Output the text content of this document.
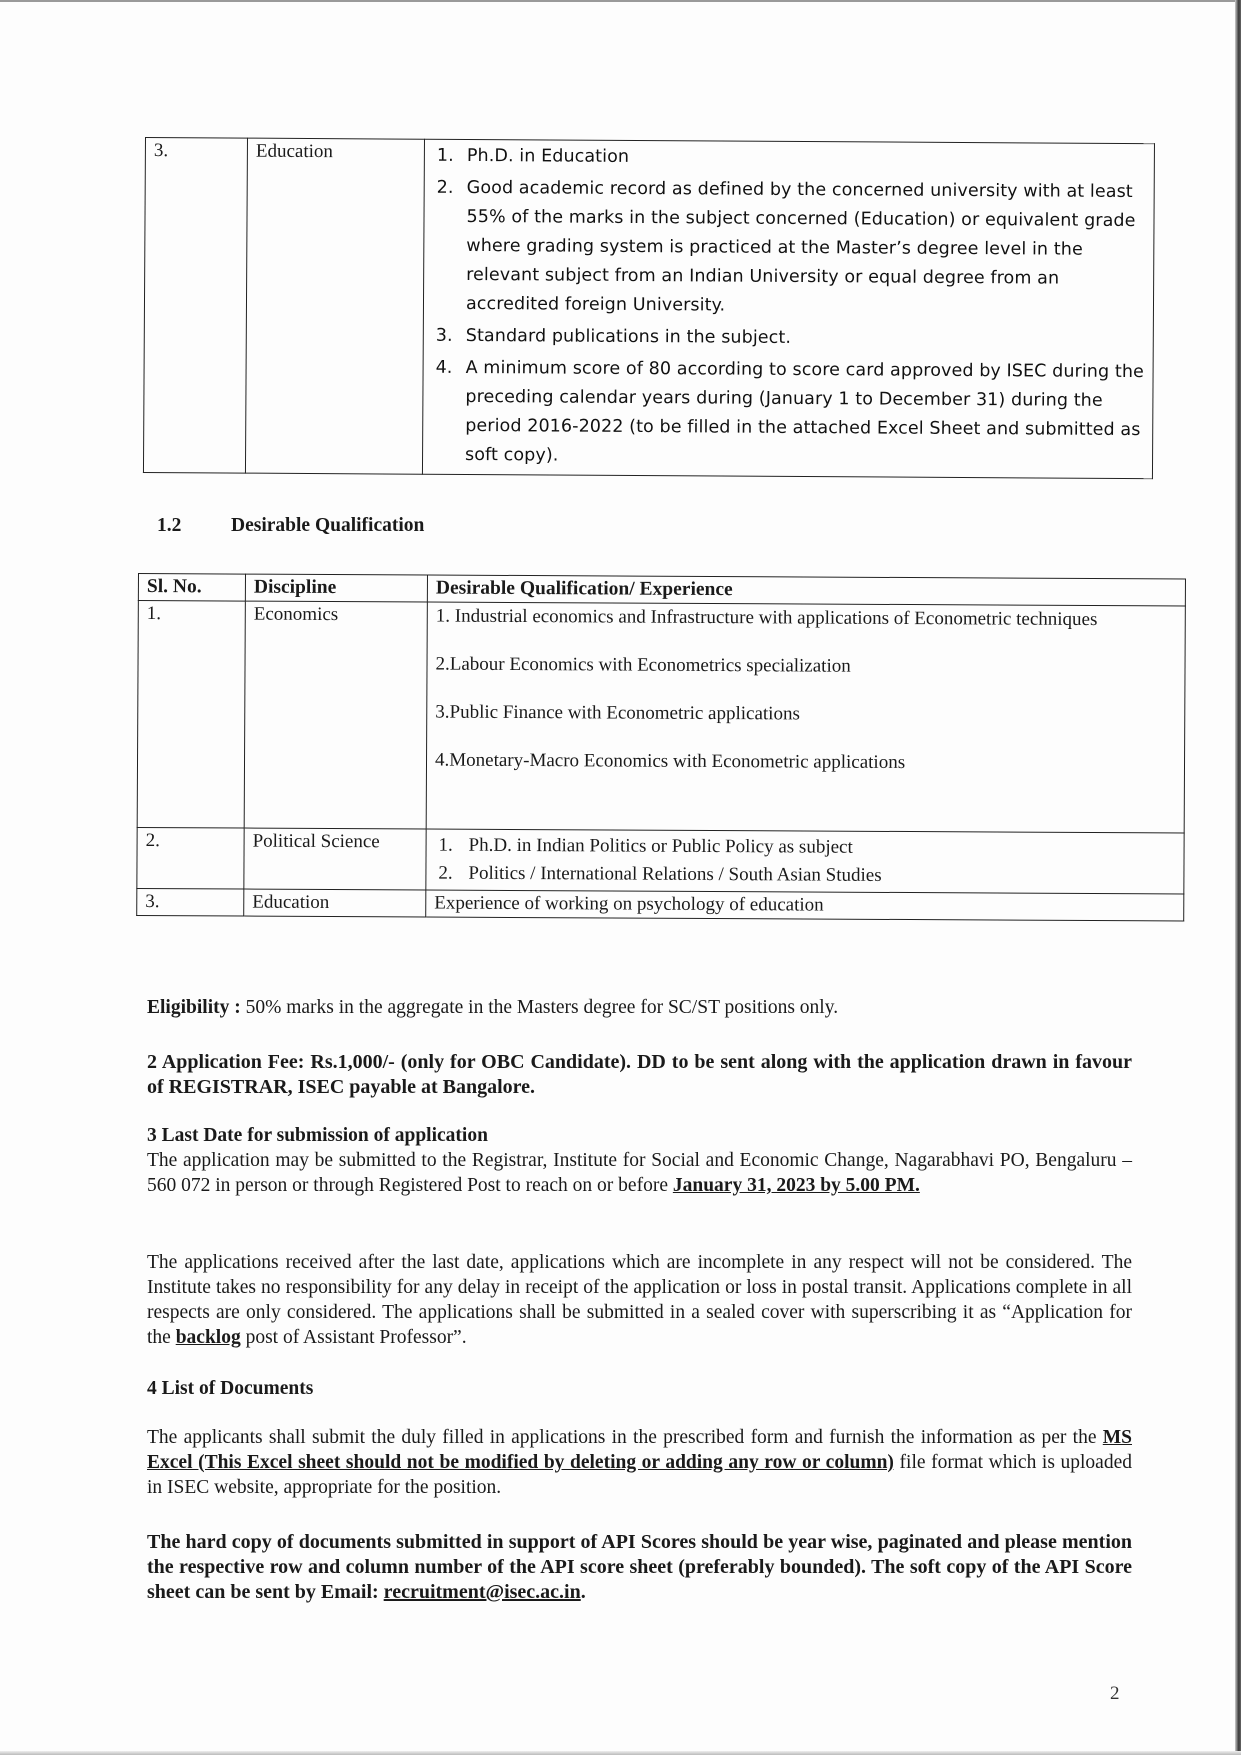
3.	Education	1. Ph.D. in Education
2. Good academic record as defined by the concerned university with at least 55% of the marks in the subject concerned (Education) or equivalent grade where grading system is practiced at the Master’s degree level in the relevant subject from an Indian University or equal degree from an accredited foreign University.
3. Standard publications in the subject.
4. A minimum score of 80 according to score card approved by ISEC during the preceding calendar years during (January 1 to December 31) during the period 2016-2022 (to be filled in the attached Excel Sheet and submitted as soft copy).
1.2	Desirable Qualification
Sl. No.	Discipline	Desirable Qualification/ Experience
1.	Economics	1. Industrial economics and Infrastructure with applications of Econometric techniques

2.Labour Economics with Econometrics specialization

3.Public Finance with Econometric applications

4.Monetary-Macro Economics with Econometric applications

2.	Political Science	1. Ph.D. in Indian Politics or Public Policy as subject
2. Politics / International Relations / South Asian Studies

3.	Education	Experience of working on psychology of education
Eligibility : 50% marks in the aggregate in the Masters degree for SC/ST positions only.
2 Application Fee: Rs.1,000/- (only for OBC Candidate). DD to be sent along with the application drawn in favour of REGISTRAR, ISEC payable at Bangalore.
3 Last Date for submission of application
The application may be submitted to the Registrar, Institute for Social and Economic Change, Nagarabhavi PO, Bengaluru – 560 072 in person or through Registered Post to reach on or before January 31, 2023 by 5.00 PM.
The applications received after the last date, applications which are incomplete in any respect will not be considered. The Institute takes no responsibility for any delay in receipt of the application or loss in postal transit. Applications complete in all respects are only considered. The applications shall be submitted in a sealed cover with superscribing it as “Application for the backlog post of Assistant Professor”.
4 List of Documents
The applicants shall submit the duly filled in applications in the prescribed form and furnish the information as per the MS Excel (This Excel sheet should not be modified by deleting or adding any row or column) file format which is uploaded in ISEC website, appropriate for the position.
The hard copy of documents submitted in support of API Scores should be year wise, paginated and please mention the respective row and column number of the API score sheet (preferably bounded). The soft copy of the API Score sheet can be sent by Email: recruitment@isec.ac.in.
2
